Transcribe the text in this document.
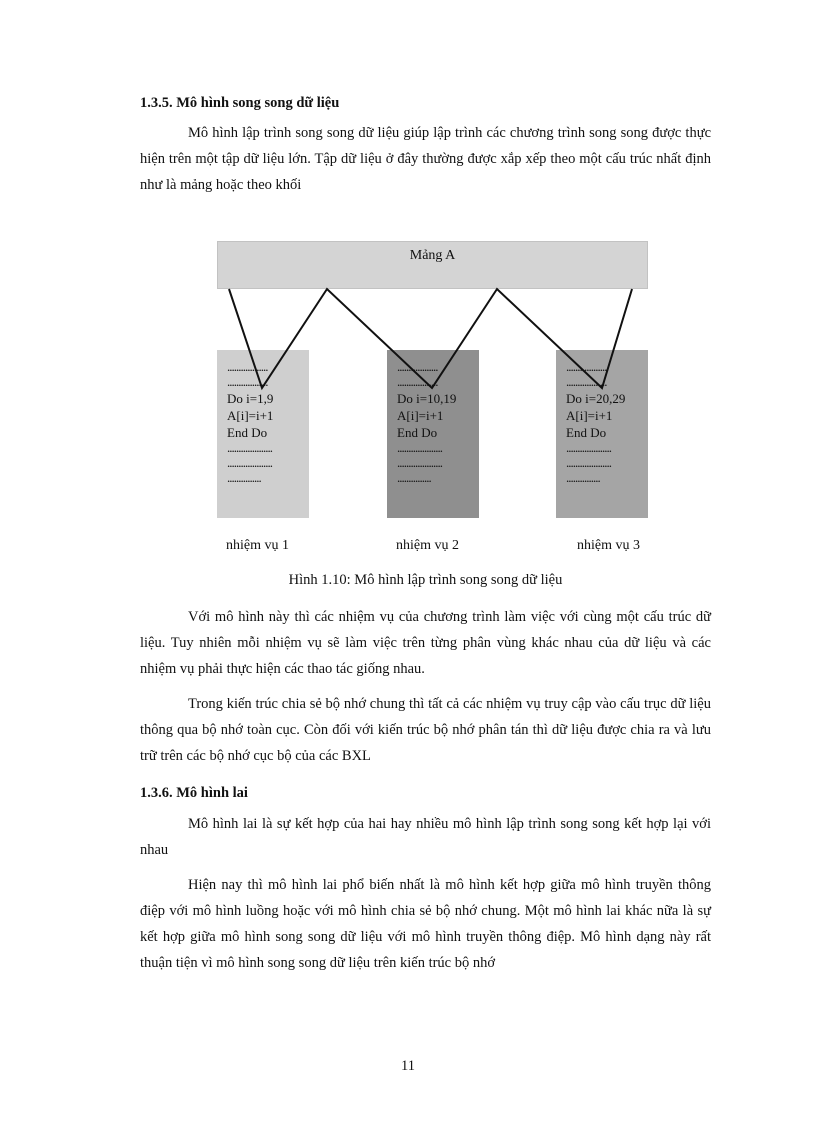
1.3.5. Mô hình song song dữ liệu

Mô hình lập trình song song dữ liệu giúp lập trình các chương trình song song được thực hiện trên một tập dữ liệu lớn. Tập dữ liệu ở đây thường được xắp xếp theo một cấu trúc nhất định như là mảng hoặc theo khối

Mảng A
..................
..................
Do i=1,9
A[i]=i+1
End Do
....................
....................
...............
..................
..................
Do i=10,19
A[i]=i+1
End Do
....................
....................
...............
..................
..................
Do i=20,29
A[i]=i+1
End Do
....................
....................
...............
nhiệm vụ 1	nhiệm vụ 2	nhiệm vụ 3
Hình 1.10: Mô hình lập trình song song dữ liệu

Với mô hình này thì các nhiệm vụ của chương trình làm việc với cùng một cấu trúc dữ liệu. Tuy nhiên mỗi nhiệm vụ sẽ làm việc trên từng phân vùng khác nhau của dữ liệu và các nhiệm vụ phải thực hiện các thao tác giống nhau.

Trong kiến trúc chia sẻ bộ nhớ chung thì tất cả các nhiệm vụ truy cập vào cấu trục dữ liệu thông qua bộ nhớ toàn cục. Còn đối với kiến trúc bộ nhớ phân tán thì dữ liệu được chia ra và lưu trữ trên các bộ nhớ cục bộ của các BXL

1.3.6. Mô hình lai

Mô hình lai là sự kết hợp của hai hay nhiều mô hình lập trình song song kết hợp lại với nhau

Hiện nay thì mô hình lai phổ biến nhất là mô hình kết hợp giữa mô hình truyền thông điệp với mô hình luồng hoặc với mô hình chia sẻ bộ nhớ chung. Một mô hình lai khác nữa là sự kết hợp giữa mô hình song song dữ liệu với mô hình truyền thông điệp. Mô hình dạng này rất thuận tiện vì mô hình song song dữ liệu trên kiến trúc bộ nhớ

11
